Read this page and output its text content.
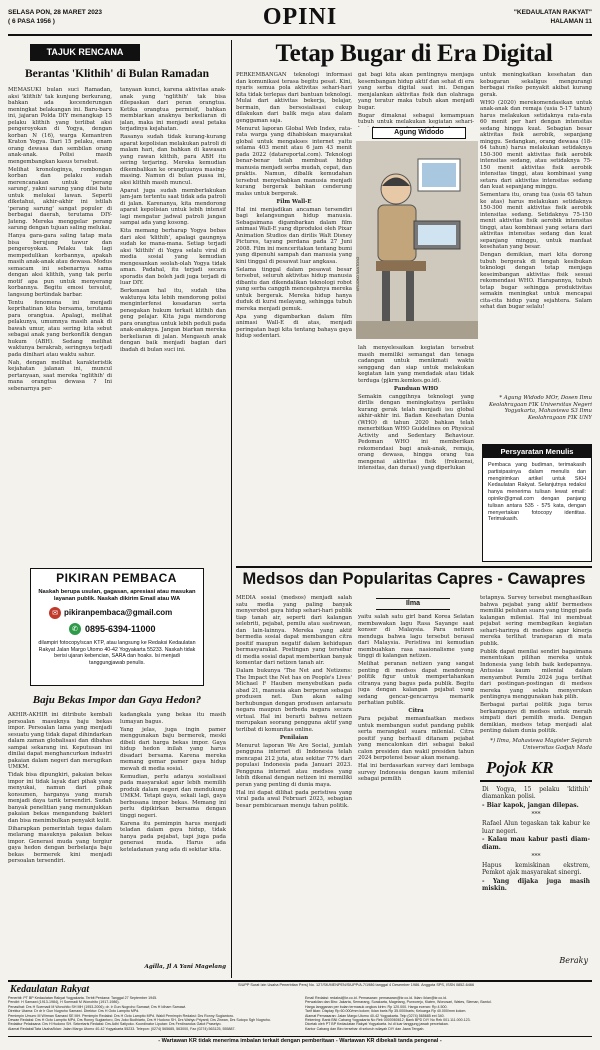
SELASA PON, 28 MARET 2023
( 6 PASA 1956 )	OPINI	"KEDAULATAN RAKYAT"
HALAMAN 11
TAJUK RENCANA
Berantas 'Klithih' di Bulan Ramadan

MEMASUKI bulan suci Ramadan, aksi 'klithih' tak kunjung berkurang, bahkan ada kecenderungan meningkat belakangan ini. Baru-baru ini, jajaran Polda DIY menangkap 15 pelaku klithih yang terlibat aksi pengeroyokan di Yogya, dengan korban N (16), warga Kemantren Kraton Yogya. Dari 15 pelaku, enam orang dewasa dan sembilan orang anak-anak. Polisi masih mengembangkan kasus tersebut.

Melihat kronologinya, rombongan korban dan pelaku sudah merencanakan untuk 'perang sarung', yakni sarung yang diisi batu untuk melukai lawan. Seperti diketahui, akhir-akhir ini istilah 'perang sarung' sangat populer di berbagai daerah, terutama DIY-Jateng. Mereka menggelar perang sarung dengan tujuan saling melukai.

Hanya gara-gara saling tatap mata bisa berujung tawur dan pengeroyokan. Pelaku tak lagi mempedulikan korbannya, apakah masih anak-anak atau dewasa. Modus semacam ini sebenarnya sama dengan aksi klithih, yang tak perlu motif apa pun untuk menyerang korbannya. Begitu emosi tersulut, langsung bertindak barbar.

Tentu fenomena ini menjadi keprihatinan kita bersama, terutama para orangtua. Apalagi, melihat pelakunya, umumnya masih anak di bawah umur, atau sering kita sebut sebagai anak yang berkonflik dengan hukum (ABH). Sedang melihat waktunya berakrab, seringnya terjadi pada dinihari atau waktu sahur.

Nah, dengan melihat karakteristik kejahatan jalanan ini, muncul pertanyaan, saat mereka 'nglithih' di mana orangtua dewasa ? Ini sebenarnya per-

tanyaan kunci, karena aktivitas anak-anak yang 'nglithih' tak bisa dilepaskan dari peran orangtua. Ketika orangtua permisif, bahkan membiarkan anaknya berkeliaran di jalan, maka ini menjadi awal petaka terjadinya kejahatan.

Rasanya sudah tidak kurang-kurang aparat kepolisian melakukan patroli di malam hari, dan bahkan di kawasan yang rawan klithih, para ABH itu sering terjaring. Mereka kemudian dikembalikan ke orangtuanya masing-masing. Namun di bulan puasa ini, aksi klithih masih muncul.

Aparat juga sudah memberlakukan jam-jam tertentu saat tidak ada patroli di jalan. Karenanya, kita mendorong aparat kepolisian untuk lebih intensif lagi mengatur jadwal patroli jangan sampai ada yang kosong.

Kita memang berharap Yogya bebas dari aksi 'klithih', apalagi gaungnya sudah ke mana-mana. Setiap terjadi aksi 'klithih' di Yogya selalu viral di media sosial yang kemudian mengesankan seolah-olah Yogya tidak aman. Padahal, itu terjadi secara sporadis dan boleh jadi juga terjadi di luar DIY.

Berkenaan hal itu, sudah tiba waktunya kita lebih mendorong polisi menginterfensi kesadaran serta penegakan hukum terkait klithih dan geng pelajar. Kita juga mendorong para orangtua untuk lebih peduli pada anak-anaknya. Jangan biarkan mereka berkeliaran di jalan. Mengasuh anak dengan baik menjadi bagian dari ibadah di bulan suci ini.

PIKIRAN PEMBACA
Naskah berupa usulan, gagasan, apresiasi atau masukan layanan publik. Naskah dikirim Email atau WA
✉ pikiranpembaca@gmail.com
✆ 0895-6394-11000
dilampiri fotocopy/scan KTP, atau langsung ke Redaksi Kedaulatan Rakyat Jalan Margo Utomo 40-42 Yogyakarta 55233. Naskah tidak berisi ujaran kebencian, SARA dan hoaks. Isi menjadi tanggungjawab penulis.
Baju Bekas Impor dan Gaya Hedon?

AKHIR-AKHIR ini ditribute kembali persoalan masuknya baju bekas impor. Persoalan lama yang menjadi sesuatu yang tidak dapat dihindarkan dalam zaman globalisasi dan dibahas sampai sekarang ini. Keputusan ini dinilai dapat menghancurkan industri pakaian dalam negeri dan merugikan UMKM.

Tidak bisa dipungkiri, pakaian bekas impor ini tidak layak dari pihak yang menyukai, namun dari pihak konsumen, harganya yang murah menjadi daya tarik tersendiri. Sudah banyak penelitian yang menunjukkan pakaian bekas mengandung bakteri dan bisa menimbulkan penyakit kulit.

Diharapkan pemerintah tegas dalam melarang masuknya pakaian bekas impor. Generasi muda yang tergiur gaya hedon dengan berbelanja baju bekas bermerek kini menjadi persoalan tersendiri.

kadangkala yang bekas itu masih lumayan bagus.

Yang jelas, juga ingin pamer menggunakan baju bermerek, meski dibeli dari harga bekas impor. Gaya hidup hedon inilah yang harus disadari bersama. Karena mereka memang gemar pamer gaya hidup mewah di media sosial.

Kemudian, perlu adanya sosialisasi pada masyarakat agar lebih memilih produk dalam negeri dan mendukung UMKM. Tetapi gaya, sekali lagi, gaya berbusana impor bekas. Memang ini perlu dipikirkan bersama dengan tinggi negeri.

Karena itu pemimpin harus menjadi teladan dalam gaya hidup, tidak hanya pada pejabat, tapi juga pada generasi muda. Harus ada keteladanan yang ada di sekitar kita.

Agilla, Jl A Yani Magelang
Tetap Bugar di Era Digital

PERKEMBANGAN teknologi informasi dan komunikasi terasa begitu pesat. Kini, nyaris semua pola aktivitas sehari-hari kita tidak terlepas dari bantuan teknologi. Mulai dari aktivitas bekerja, belajar, bermain, dan bersosialisasi cukup dilakukan dari balik meja atau dalam genggaman saja.

Menurut laporan Global Web Index, rata-rata warga yang dihabiskan masyarakat global untuk mengakses internet yaitu selama 403 menit atau 6 jam 43 menit pada 2022 (datareportal.com). Teknologi benar-benar telah membuat hidup manusia menjadi serba mudah, cepat, dan praktis. Namun, dibalik kemudahan tersebut menyebabkan manusia menjadi kurang bergerak bahkan cenderung malas untuk bergerak.

Film Wall-E

Hal ini menjadikan ancaman tersendiri bagi kelangsungan hidup manusia. Sebagaimana digambarkan dalam film animasi Wall-E yang diproduksi oleh Pixar Animation Studios dan dirilis Walt Disney Pictures, tayang perdana pada 27 Juni 2008. Film ini menceritakan tentang bumi yang dipenuhi sampah dan manusia yang kini tinggal di pesawat luar angkasa.

Selama tinggal dalam pesawat besar tersebut, seluruh aktivitas hidup manusia dibantu dan dikendalikan teknologi robot yang serba canggih mencegahnya mereka untuk bergerak. Mereka hidup hanya duduk di kursi melayang, sehingga tubuh mereka menjadi gemuk.

Apa yang digambarkan dalam film animasi Wall-E di atas, menjadi peringatan bagi kita tentang bahaya gaya hidup sedentari.

gat bagi kita akan pentingnya menjaga kesembangan hidup aktif dan sehat di era yang serba digital saat ini. Dengan menjalankan aktivitas fisik dan olahraga yang teratur maka tubuh akan menjadi bugar.

Bugar dimaknai sebagai kemampuan tubuh untuk melakukan kegiatan sehari-

Agung Widodo
KR/JOKO SANTOSO

lah menyelesaikan kegiatan tersebut masih memiliki semangat dan tenaga cadangan untuk menikmati waktu senggang dan siap untuk melakukan kegiatan lain yang mendadak atau tidak terduga (pjkrm.kemkes.go.id).

Panduan WHO

Semakin canggihnya teknologi yang dirilis dengan meningkatnya perilaku kurang gerak telah menjadi isu global akhir-akhir ini. Badan Kesehatan Dunia (WHO) di tahun 2020 bahkan telah menerbitkan WHO Guidelines on Physical Activity and Sedentary Behaviour. Pedoman WHO ini memberikan rekomendasi bagi anak-anak, remaja, orang dewasa, hingga orang tua mengenai aktivitas fisik (frekuensi, intensitas, dan durasi) yang diperlukan

untuk meningkatkan kesehatan dan kebugaran sekaligus mengurangi berbagai risiko penyakit akibat kurang gerak.

WHO (2020) merekomendasikan untuk anak-anak dan remaja (usia 5-17 tahun) harus melakukan setidaknya rata-rata 60 menit per hari dengan intensitas sedang hingga kuat. Sebagian besar aktivitas fisik aerobik, sepanjang minggu. Sedangkan, orang dewasa (18-64 tahun) harus melakukan setidaknya 150-300 menit aktivitas fisik aerobik intensitas sedang, atau setidaknya 75-150 menit aktivitas fisik aerobik intensitas tinggi, atau kombinasi yang setara dari aktivitas intensitas sedang dan kuat sepanjang minggu.

Sementara itu, orang tua (usia 65 tahun ke atas) harus melakukan setidaknya 150-300 menit aktivitas fisik aerobik intensitas sedang. Setidaknya 75-150 menit aktivitas fisik aerobik intensitas tinggi, atau kombinasi yang setara dari aktivitas intensitas sedang dan kuat sepanjang minggu, untuk manfaat kesehatan yang besar.

Dengan demikian, mari kita dorong tubuh bergerak di tengah kesibukan teknologi dengan tetap menjaga keseimbangan aktivitas fisik sesuai rekomendasi WHO. Harapannya, tubuh tetap bugar sehingga produktivitas semakin meningkat untuk mencapai cita-cita hidup yang sejahtera. Salam sehat dan bugar selalu!

* Agung Widodo MOr, Dosen Ilmu Keolahragaan FIK Universitas Negeri Yogyakarta, Mahasiswa S3 Ilmu Keolahragaan FIK UNY
Persyaratan Menulis
Pembaca yang budiman, terimakasih partisipasinya dalam menulis dan mengirimkan artikel untuk SKH Kedaulatan Rakyat. Selanjutnya redaksi hanya menerima tulisan lewat email: opinikr@gmail.com dengan panjang tulisan antara 535 - 575 kata, dengan menyertakan fotocopy identitas. Terimakasih.
Medsos dan Popularitas Capres - Cawapres

MEDIA sosial (medsos) menjadi salah satu media yang paling banyak menyerobot gaya hidup sehari-hari publik tiap tanah air, seperti dari kalangan selebriti, pejabat, pemilu atau sastrawan, dan lain-lainnya. Mereka yang aktif bermedia sosial dapat membangun citra positif maupun negatif dalam kehidupan bermasyarakat. Postingan yang tersebar di media sosial dapat memberikan banyak komentar dari netizen tanah air.

Dalam bukunya 'The Net and Netizens: The Impact the Net has on People's Lives' Michael F Hauben menyebutkan pada abad 21, manusia akan berperan sebagai produsen net. Dan akan saling berhubungan dengan produsen antarsatu negara maupun berbeda negara secara virtual. Hal ini berarti bahwa netizen merupakan seorang pengguna aktif yang terlibat di komunitas online.

Penilaian

Menurut laporan We Are Social, jumlah pengguna internet di Indonesia telah mencapai 212 juta, atau sekitar 77% dari populasi Indonesia pada Januari 2023. Pengguna internet atau medsos yang lebih dikenal dengan netizen ini memiliki peran yang penting di dunia maya.

Hal ini dapat dilihat pada peristiwa yang viral pada awal Februari 2023, sebagian besar pembicaraan menuju tahun politik.

Ilma

yaitu salah satu girl band Korea Selatan membawakan lagu Rasa Sayange saat konser di Malaysia. Para netizen menduga bahwa lagu tersebut berasal dari Malaysia. Peristiwa ini kemudian membuahkan rasa nasionalisme yang tinggi di kalangan netizen.

Melihat peranan netizen yang sangat penting di medsos dapat mendorong politik figur untuk mempertahankan citranya yang bagus pada publik. Begitu juga dengan kalangan pejabat yang sedang gencar-gencarnya memarik perhatian publik.

Citra

Para pejabat memanfaatkan medsos untuk membangun sudut pandang publik serta merangkul suara milenial. Citra positif yang berhasil ditanam pejabat yang mencalonkan diri sebagai bakal calon presiden dan wakil presiden tahun 2024 berpotensi besar akan menang.

Hal ini berdasarkan survey dari lembaga survey Indonesia dengan kaum milenial sebagai pemilih

tetapnya. Survey tersebut menghasilkan bahwa pejabat yang aktif bermedsos memiliki peluhan suara yang tinggi pada kalangan milenial. Hal ini membuat pejabat sering membagikan kegiatan sehari-harinya di medsos agar kinerja mereka terlihat transparan di mata publik.

Publik dapat menilai sendiri bagaimana menentukan pilihan mereka untuk Indonesia yang lebih baik kedepannya. Antusias kaum milenial dalam menyambut Pemilu 2024 juga terlihat dari postingan-postingan di medsos mereka yang selalu menyerukan pentingnya menggunakan hak pilih.

Berbagai partai politik juga terus berkampanye di medsos untuk meraih simpati dari pemilih muda. Dengan demikian, medsos tetap menjadi alat penting dalam dunia politik.

*) Ilma, Mahasiswa Magister Sejarah Universitas Gadjah Mada
Pojok KR

Di Yogya, 15 pelaku 'klithih' diamankan polisi.

- Biar kapok, jangan dilepas.

***

Rafael Alun tegaskan tak kabur ke luar negeri.

- Kalau mau kabur pasti diam-diam.

***

Hapus kemiskinan ekstrem, Pemkot ajak masyarakat sinergi.

- Yang dijaka juga masih miskin.

Beraky
Kedaulatan Rakyat	SIUPP Surat Izin Usaha Penerbitan Pers) No. 127/SK/MENPEN/SIUPP/A.7/1986 tanggal 4 Desember 1986. Anggota SPS, ISSN 0852-6466
Penerbit: PT BP Kedaulatan Rakyat Yogyakarta. Terbit Perdana: Tanggal 27 September 1945.
Pendiri: H Samawi (1913-1984), H Soemadi M Wonohito (1917-1986).
Penasihat: Drs H Soemadi M Wonohito SH MH (1953-2006); dr. Ir Gun Nugroho Samawi; Drs H Idham Samawi.
Direktur Utama: Dr dr Ir Gun Nugroho Samawi. Direktur: Drs H Octo Lampito MPd.
Pemimpin Umum: M Wirman Samawi SE MH. Pemimpin Redaksi: Drs H Octo Lampito MPd. Wakil Pemimpin Redaksi: Drs Ronny Sugiantoro.
Dewan Redaksi: Drs H Octo Lampito MPd, Drs Ronny Sugiantoro, Drs Joko Budhiarto, Drs H Hudono SH, Drs Wahyu Priyanti, Drs Zirwan, Drs Sutopo Sgh Nugroho.
Redaktur Pelaksana: Drs H Hudono SH. Sekretaris Redaksi: Drs Adhi Satiyoko. Koordinator Liputan: Drs Ferdinandus Gatot Prasetyo.
Alamat Redaksi/Tata Usaha/Iklan: Jalan Margo Utomo 40-42 Yogyakarta 55233. Telepon: (0274) 565685, 563000, Fax (0274) 563125, 555887.
Email Redaksi: redaksi@kr.co.id. Pemasaran: pemasaran@kr.co.id. Iklan: iklan@kr.co.id.
Perwakilan dan Biro: Jakarta, Semarang, Surakarta, Magelang, Purworejo, Klaten, Wonosari, Wates, Sleman, Bantul.
Harga langganan per bulan termasuk ongkos kirim: Rp 120.000. Harga eceran: Rp 4.500.
Tarif iklan: Display Rp 60.000/mm kolom; Iklan baris Rp 35.000/baris; Keluarga Rp 40.000/mm kolom.
Alamat Pemasaran: Jalan Margo Utomo 40-42 Yogyakarta. Telp (0274) 565685 ext 340.
Rekening: Bank BNI Cabang Yogyakarta No Rek 0000060612; Bank BPD DIY No Rek 001.111.000.123.
Dicetak oleh PT BP Kedaulatan Rakyat Yogyakarta. Isi di luar tanggung jawab percetakan.
Kantor Cabang dan Biro tersebar di seluruh wilayah DIY dan Jawa Tengah.
- Wartawan KR tidak menerima imbalan terkait dengan pemberitaan - Wartawan KR dibekali tanda pengenal -
